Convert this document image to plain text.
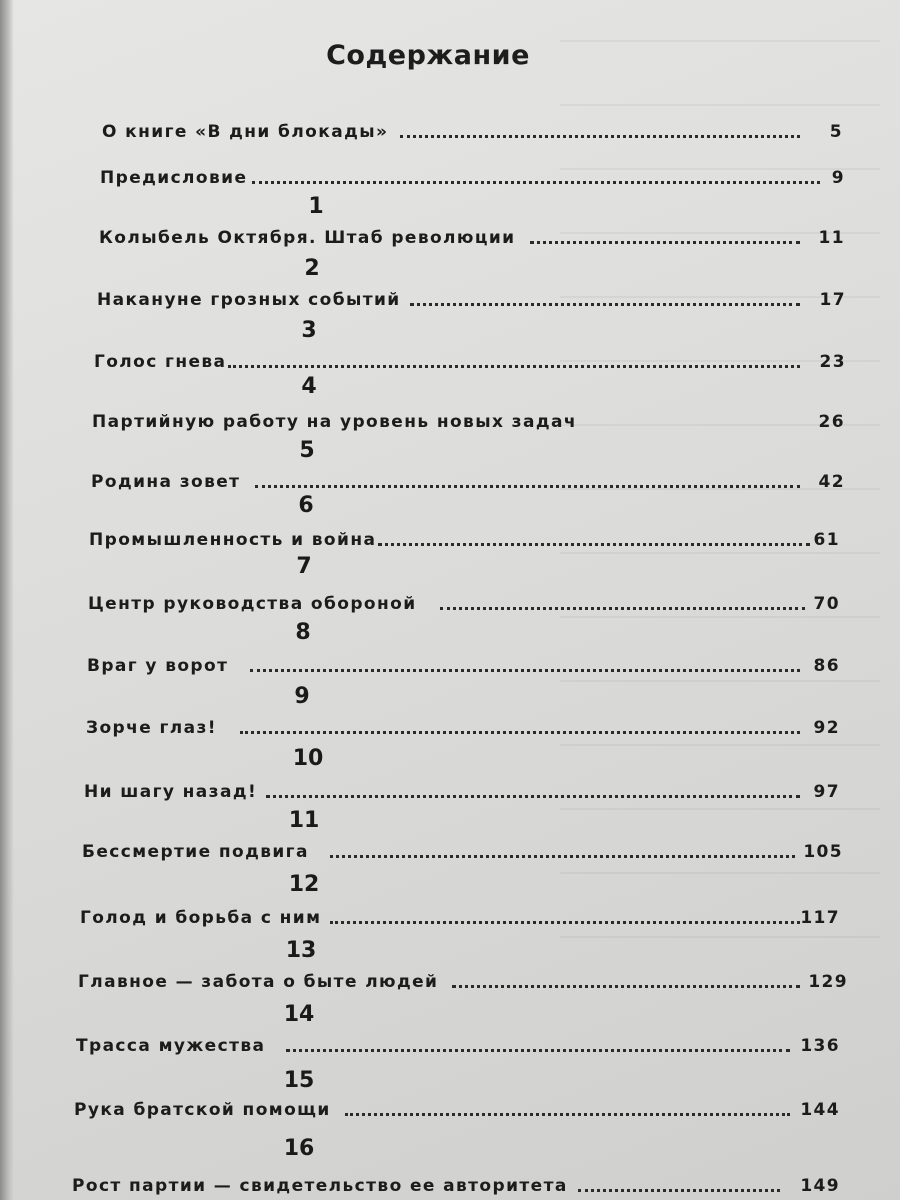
Содержание
О книге «В дни блокады»	5
Предисловие	9
1
Колыбель Октября. Штаб революции	11
2
Накануне грозных событий	17
3
Голос гнева	23
4
Партийную работу на уровень новых задач	26
5
Родина зовет	42
6
Промышленность и война	61
7
Центр руководства обороной	70
8
Враг у ворот	86
9
Зорче глаз!	92
10
Ни шагу назад!	97
11
Бессмертие подвига	105
12
Голод и борьба с ним	117
13
Главное — забота о быте людей	129
14
Трасса мужества	136
15
Рука братской помощи	144
16
Рост партии — свидетельство ее авторитета	149
